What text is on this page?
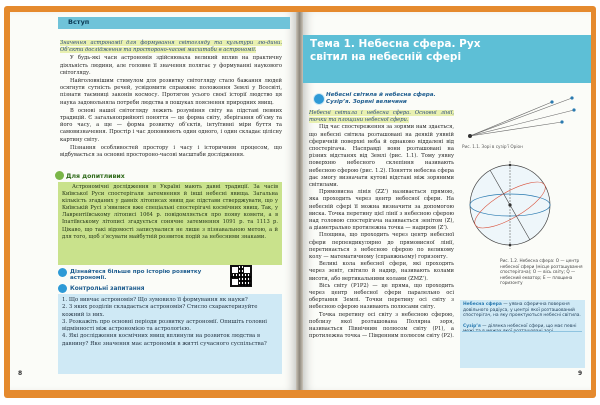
Вступ

Значення астрономії для формування світогляду та культури лю-дини. Об’єкти дослідження та простороно-часові масштаби в астрономії.

У будь-які часи астрономія здійснювала великий вплив на практичну діяльність людини, але головне її значення полягає у формуванні наукового світогляду.

Найголовнішим стимулом для розвитку світогляду стало бажання людей осягнути сутність речей, усвідомити справжнє положення Землі у Всесвіті, пізнати таємниці законів космосу. Протягом усього своєї історії людство ця наука задовольняла потреби людства в пошуках пояснення природних явищ.

В основі нашої світогляду лежить розуміння світу на підставі певних традицій. Є загальноприйняті поняття — це форма світу, зберігання об’єму та його часу, а ще — форма розвитку об’єктів, інтуїтивні міри буття та самовизначення. Простір і час доповнюють один одного, і один складає цілісну картину світу.

Пізнання особливостей простору і часу і історичним процесом, що відбувається за основні простороно-часові масштаби дослідження.

Для допитливих

Астрономічні дослідження в Україні мають давні традиції. За часів Київської Руси спостерігали затемнення й інші небесні явища. Загальна кількість згаданих у давніх літописах явищ дає підстави стверджувати, що у Київській Русі з’явилися вже спеціальні спостерігачі космічних явищ. Так, у Лаврентіївському літописі 1064 р. повідомляється про появу комети, а в Іпатіївському літописі згадується сонячне затемнення 1091 р. та 1113 р. Цікаво, що такі відомості записувалися не лише з пізнавальною метою, а й для того, щоб з’ясувати майбутній розвиток подій за небесними знаками.

Дізнайтеся більше про історію розвитку астрономії.
Контрольні запитання
1. Що вивчає астрономія? Що зумовило її формування як науки?
2. З яких розділів складається астрономія? Стисло схарактеризуйте кожний із них.
3. Розкажіть про основні періоди розвитку астрономії. Опишіть головні відмінності між астрономією та астрологією.
4. Які дослідження космічних явищ вплинули на розвиток людства в давнину? Яке значення має астрономія в житті сучасного суспільства?
8
Тема 1. Небесна сфера. Рух світил на небесній сфері
Небесні світила й небесна сфера. Сузір’я. Зоряні величини

Небесні світила і небесна сфера. Основні лінії, точки та площини небесної сфери.

Під час спостереження за зорями нам здається, що небесні світила розташовані на деякій уявній сферичній поверхні неба й однаково віддалені від спостерігача. Насправді вони розташовані на різних відстанях від Землі (рис. 1.1). Тому уявну поверхню небесного склепіння називають небесною сферою (рис. 1.2). Поняття небесна сфера дає змогу визначати кутові відстані між зоряними світилами.

Прямовисна лінія (ZZ’) називається прямою, яка проходить через центр небесної сфери. На небесній сфері її можна визначити за допомогою виска. Точка перетину цієї лінії з небесною сферою над головою спостерігача називається зенітом (Z), а діаметрально протилежна точка — надиром (Z’).

Площина, що проходить через центр небесної сфери перпендикулярно до прямовисної лінії, перетинається з небесною сферою по великому колу — математичному (справжньому) горизонту.

Великі кола небесної сфери, які проходять через зеніт, світило й надир, називають колами висоти, або вертикальними колами (ZMZ’).

Вісь світу (P1P2) — це пряма, що проходить через центр небесної сфери паралельно осі обертання Землі. Точки перетину осі світу з небесною сферою називають полюсами світу.

Точка перетину осі світу з небесною сферою, поблизу якої розташована Полярна зоря, називається Північним полюсом світу (P1), а протилежна точка — Південним полюсом світу (P2).

Рис. 1.1. Зорі в сузір’ї Оріон
Рис. 1.2. Небесна сфера: O — центр небесної сфери (місце розташування спостерігача); O — вісь світу; Q — небесний екватор; E — площина горизонту

Небесна сфера — уявна сферична поверхня довільного радіуса, у центрі якої розташований спостерігач, на яку проектуються небесні світила.

Сузір’я — ділянка небесної сфери, що має певні

9
